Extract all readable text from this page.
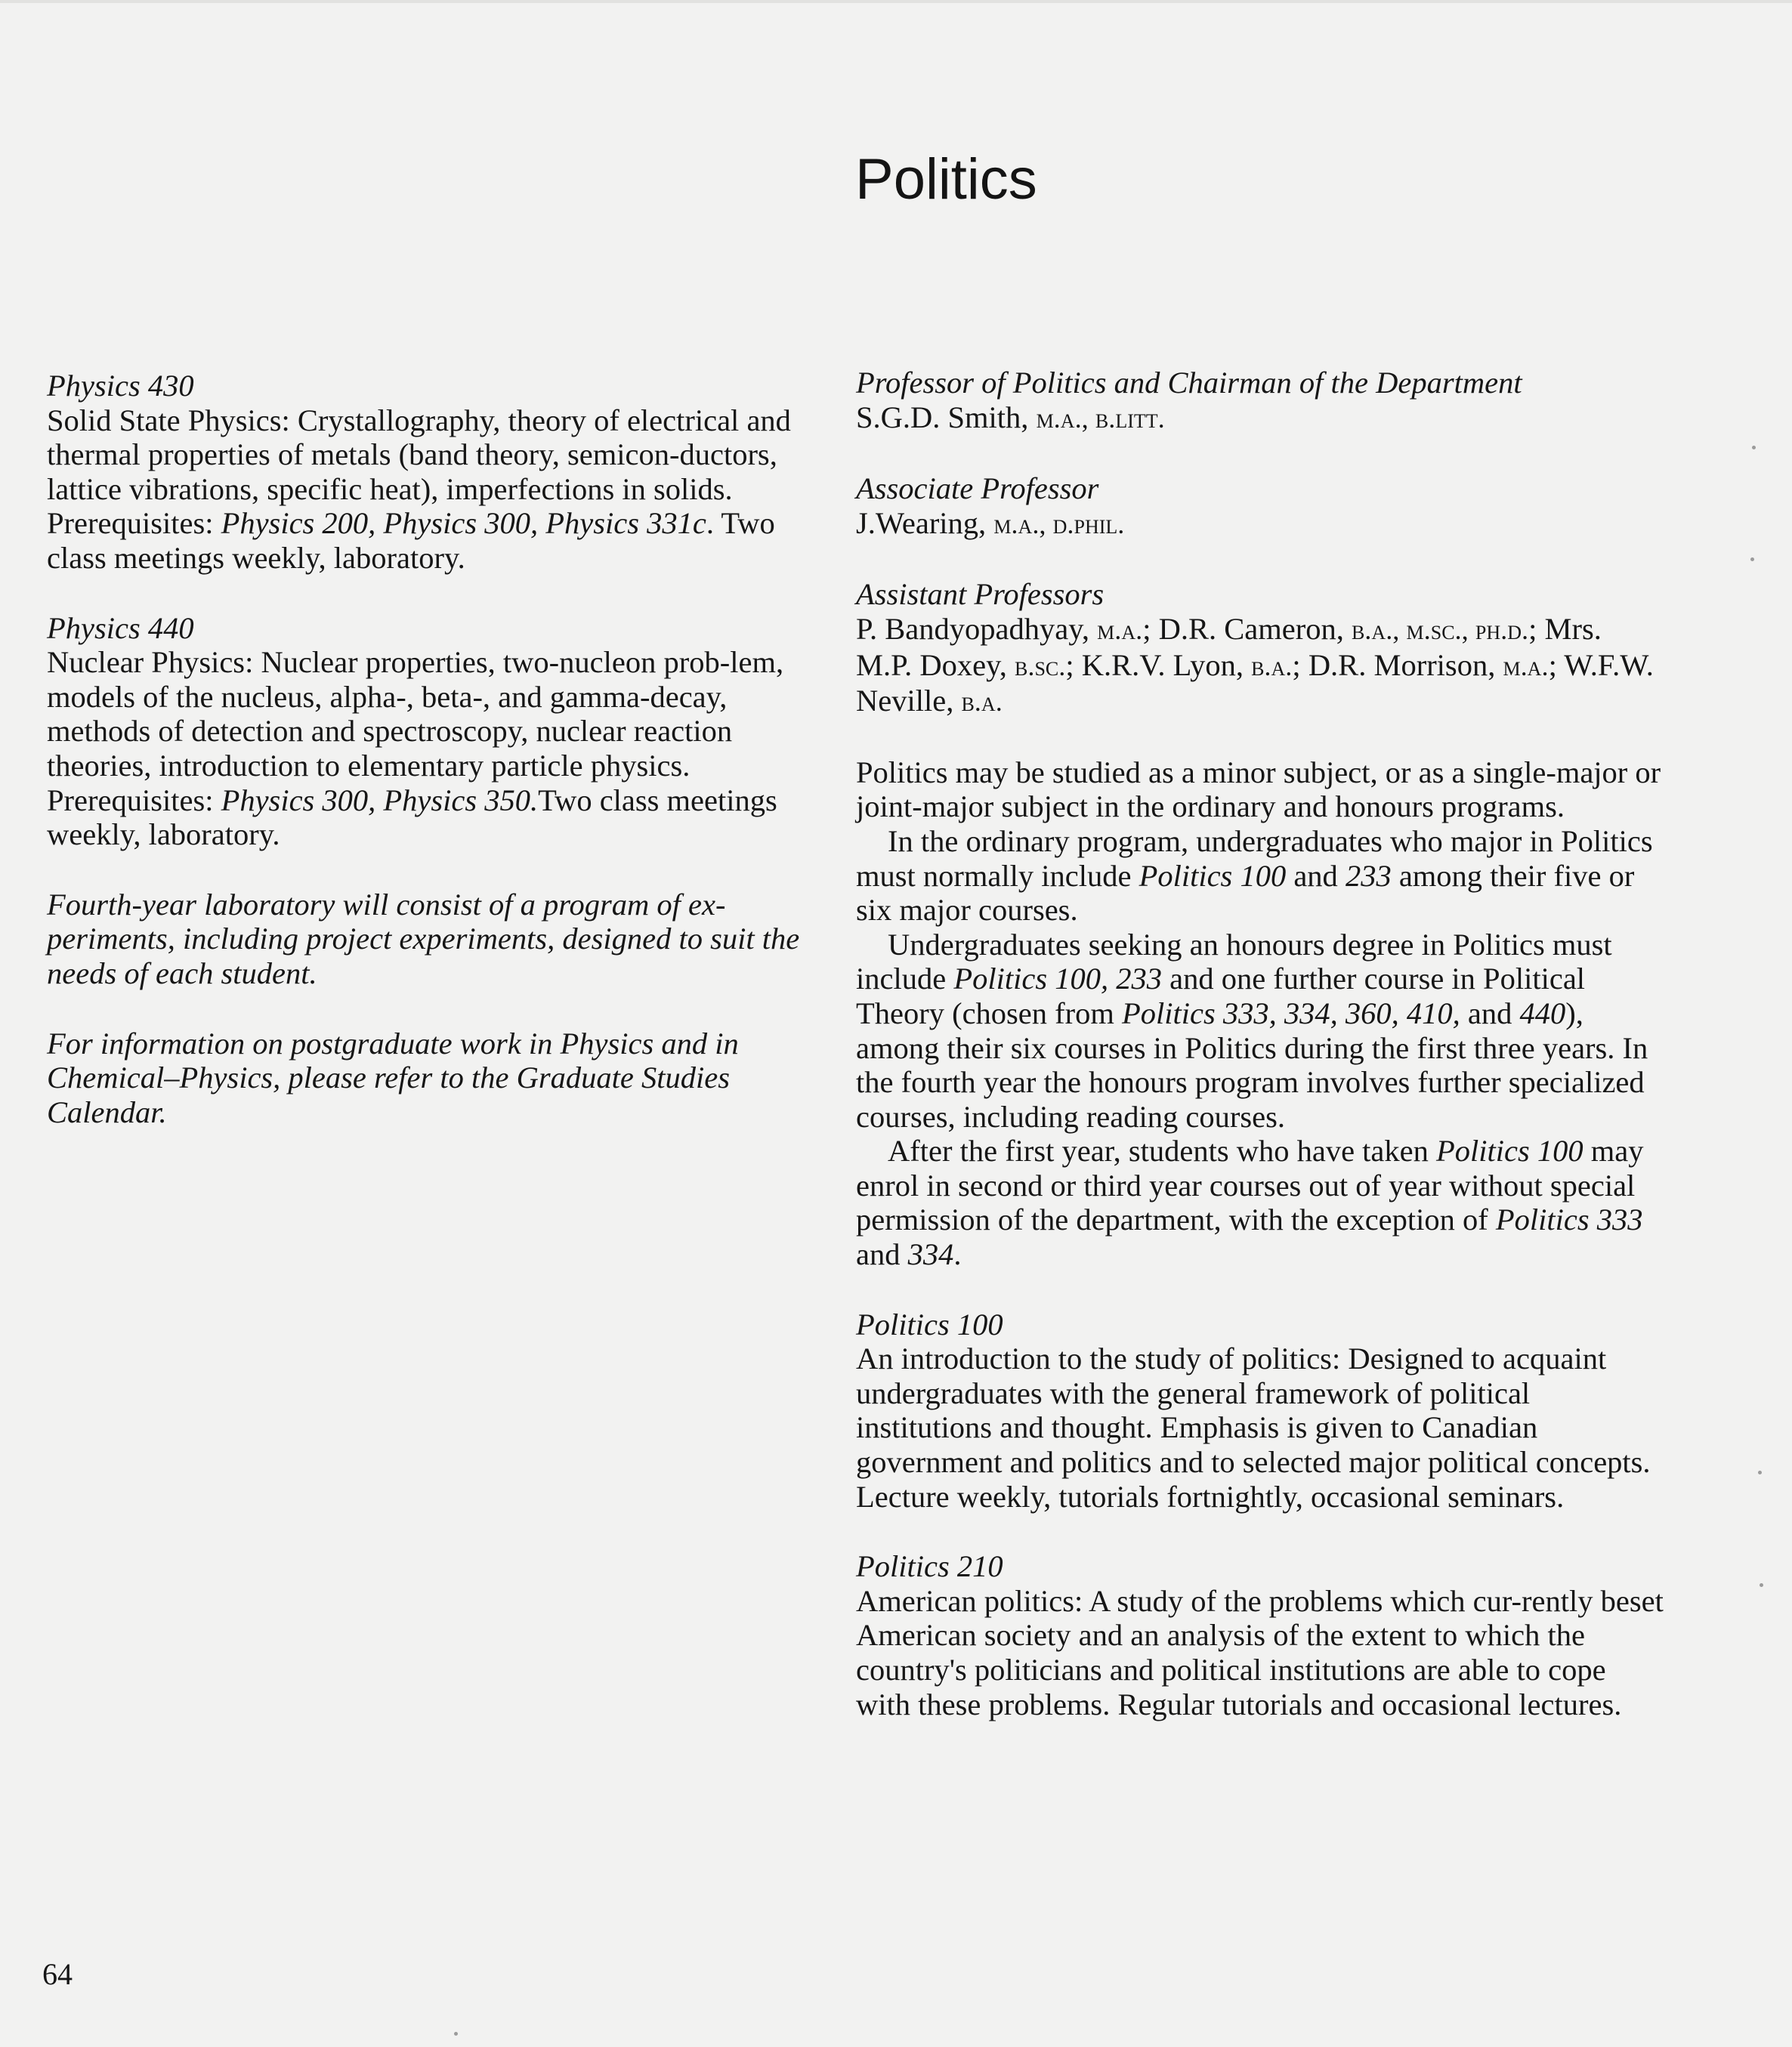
Politics
Physics 430
Solid State Physics: Crystallography, theory of electrical and thermal properties of metals (band theory, semicon-ductors, lattice vibrations, specific heat), imperfections in solids. Prerequisites: Physics 200, Physics 300, Physics 331c. Two class meetings weekly, laboratory.
Physics 440
Nuclear Physics: Nuclear properties, two-nucleon prob-lem, models of the nucleus, alpha-, beta-, and gamma-decay, methods of detection and spectroscopy, nuclear reaction theories, introduction to elementary particle physics. Prerequisites: Physics 300, Physics 350.Two class meetings weekly, laboratory.
Fourth-year laboratory will consist of a program of ex-periments, including project experiments, designed to suit the needs of each student.
For information on postgraduate work in Physics and in Chemical–Physics, please refer to the Graduate Studies Calendar.
Professor of Politics and Chairman of the Department
S.G.D. Smith, m.a., b.litt.
Associate Professor
J.Wearing, m.a., d.phil.
Assistant Professors
P. Bandyopadhyay, m.a.; D.R. Cameron, b.a., m.sc., ph.d.; Mrs. M.P. Doxey, b.sc.; K.R.V. Lyon, b.a.; D.R. Morrison, m.a.; W.F.W. Neville, b.a.
Politics may be studied as a minor subject, or as a single-major or joint-major subject in the ordinary and honours programs.
In the ordinary program, undergraduates who major in Politics must normally include Politics 100 and 233 among their five or six major courses.
Undergraduates seeking an honours degree in Politics must include Politics 100, 233 and one further course in Political Theory (chosen from Politics 333, 334, 360, 410, and 440), among their six courses in Politics during the first three years. In the fourth year the honours program involves further specialized courses, including reading courses.
After the first year, students who have taken Politics 100 may enrol in second or third year courses out of year without special permission of the department, with the exception of Politics 333 and 334.
Politics 100
An introduction to the study of politics: Designed to acquaint undergraduates with the general framework of political institutions and thought. Emphasis is given to Canadian government and politics and to selected major political concepts. Lecture weekly, tutorials fortnightly, occasional seminars.
Politics 210
American politics: A study of the problems which cur-rently beset American society and an analysis of the extent to which the country's politicians and political institutions are able to cope with these problems. Regular tutorials and occasional lectures.
64
